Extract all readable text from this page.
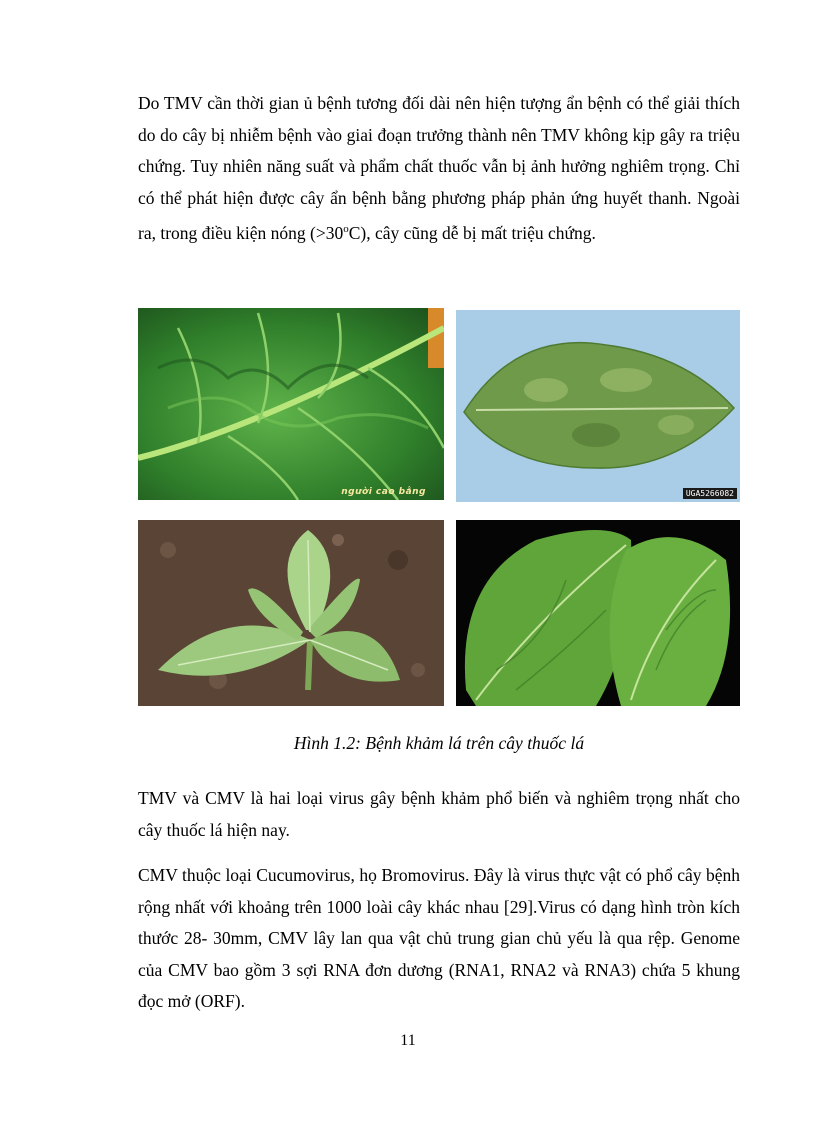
Do TMV cần thời gian ủ bệnh tương đối dài nên hiện tượng ẩn bệnh có thể giải thích do do cây bị nhiễm bệnh vào giai đoạn trưởng thành nên TMV không kịp gây ra triệu chứng. Tuy nhiên năng suất và phẩm chất thuốc vẫn bị ảnh hưởng nghiêm trọng. Chỉ có thể phát hiện được cây ẩn bệnh bằng phương pháp phản ứng huyết thanh. Ngoài ra, trong điều kiện nóng $(>30^oC)$, cây cũng dễ bị mất triệu chứng.

người cao bằng	UGA5266082

Hình 1.2: Bệnh khảm lá trên cây thuốc lá

TMV và CMV là hai loại virus gây bệnh khảm phổ biến và nghiêm trọng nhất cho cây thuốc lá hiện nay.

CMV thuộc loại Cucumovirus, họ Bromovirus. Đây là virus thực vật có phổ cây bệnh rộng nhất với khoảng trên 1000 loài cây khác nhau [29].Virus có dạng hình tròn kích thước 28- 30mm, CMV lây lan qua vật chủ trung gian chủ yếu là qua rệp. Genome của CMV bao gồm 3 sợi RNA đơn dương (RNA1, RNA2 và RNA3) chứa 5 khung đọc mở (ORF).

11
